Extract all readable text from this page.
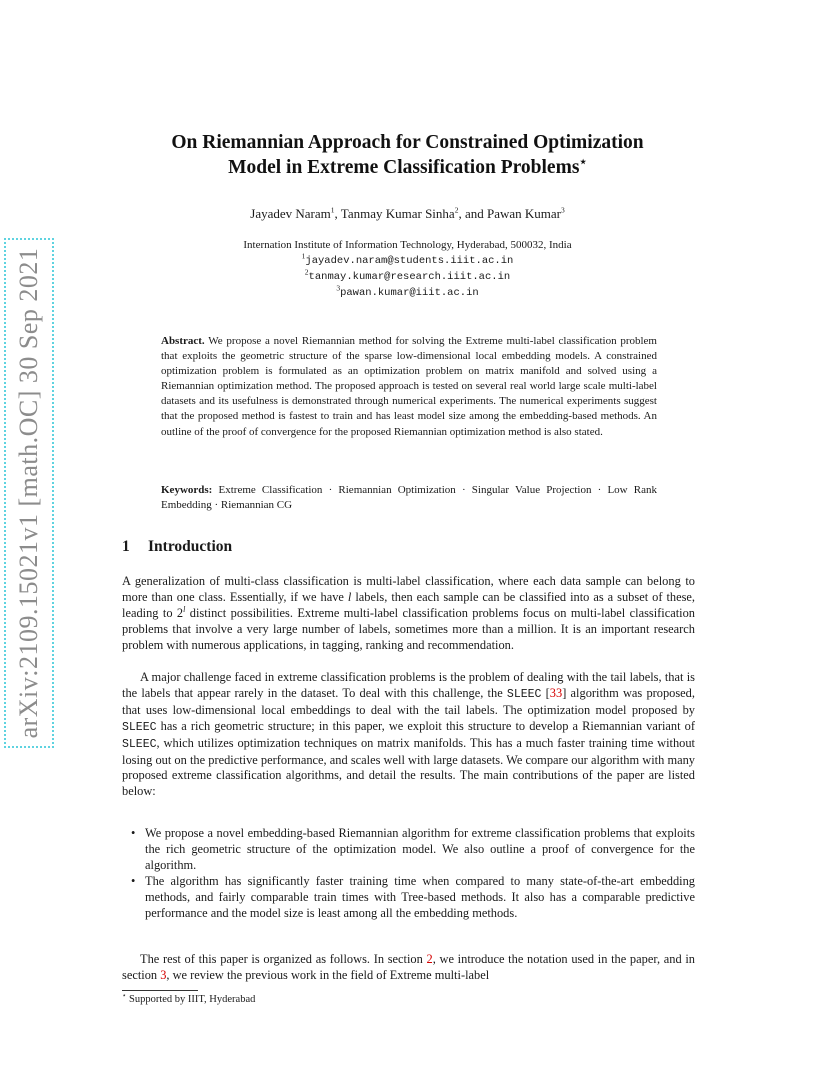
arXiv:2109.15021v1 [math.OC] 30 Sep 2021
On Riemannian Approach for Constrained Optimization
Model in Extreme Classification Problems⋆
Jayadev Naram$^1$, Tanmay Kumar Sinha$^2$, and Pawan Kumar$^3$
Internation Institute of Information Technology, Hyderabad, 500032, India
$^1$jayadev.naram@students.iiit.ac.in
$^2$tanmay.kumar@research.iiit.ac.in
$^3$pawan.kumar@iiit.ac.in
Abstract. We propose a novel Riemannian method for solving the Extreme multi-label classification problem that exploits the geometric structure of the sparse low-dimensional local embedding models. A constrained optimization problem is formulated as an optimization problem on matrix manifold and solved using a Riemannian optimization method. The proposed approach is tested on several real world large scale multi-label datasets and its usefulness is demonstrated through numerical experiments. The numerical experiments suggest that the proposed method is fastest to train and has least model size among the embedding-based methods. An outline of the proof of convergence for the proposed Riemannian optimization method is also stated.
Keywords: Extreme Classification · Riemannian Optimization · Singular Value Projection · Low Rank Embedding · Riemannian CG
1 Introduction
A generalization of multi-class classification is multi-label classification, where each data sample can belong to more than one class. Essentially, if we have l labels, then each sample can be classified into as a subset of these, leading to 2$^l$ distinct possibilities. Extreme multi-label classification problems focus on multi-label classification problems that involve a very large number of labels, sometimes more than a million. It is an important research problem with numerous applications, in tagging, ranking and recommendation.
A major challenge faced in extreme classification problems is the problem of dealing with the tail labels, that is the labels that appear rarely in the dataset. To deal with this challenge, the SLEEC [33] algorithm was proposed, that uses low-dimensional local embeddings to deal with the tail labels. The optimization model proposed by SLEEC has a rich geometric structure; in this paper, we exploit this structure to develop a Riemannian variant of SLEEC, which utilizes optimization techniques on matrix manifolds. This has a much faster training time without losing out on the predictive performance, and scales well with large datasets. We compare our algorithm with many proposed extreme classification algorithms, and detail the results. The main contributions of the paper are listed below:
• We propose a novel embedding-based Riemannian algorithm for extreme classification problems that exploits the rich geometric structure of the optimization model. We also outline a proof of convergence for the algorithm.
• The algorithm has significantly faster training time when compared to many state-of-the-art embedding methods, and fairly comparable train times with Tree-based methods. It also has a comparable predictive performance and the model size is least among all the embedding methods.
The rest of this paper is organized as follows. In section 2, we introduce the notation used in the paper, and in section 3, we review the previous work in the field of Extreme multi-label
⋆ Supported by IIIT, Hyderabad
